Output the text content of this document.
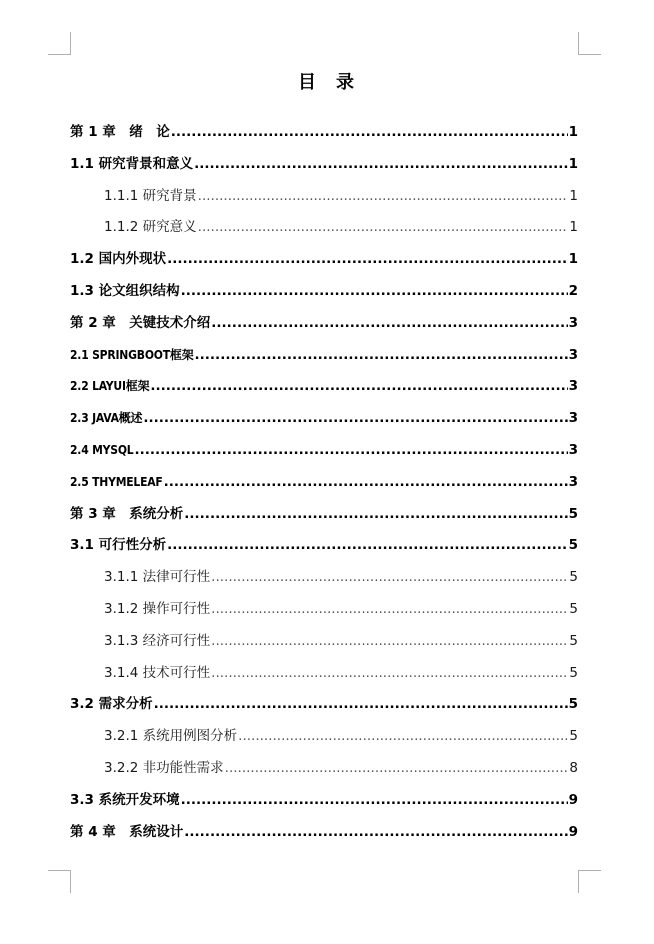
目 录
第 1 章　绪　论 .....	1
1.1 研究背景和意义 .....	1
1.1.1 研究背景 .....	1
1.1.2 研究意义 .....	1
1.2 国内外现状 .....	1
1.3 论文组织结构 .....	2
第 2 章　关键技术介绍 .....	3
2.1 SPRINGBOOT框架 .....	3
2.2 LAYUI框架 .....	3
2.3 JAVA概述 .....	3
2.4 MYSQL .....	3
2.5 THYMELEAF .....	3
第 3 章　系统分析 .....	5
3.1 可行性分析 .....	5
3.1.1 法律可行性 .....	5
3.1.2 操作可行性 .....	5
3.1.3 经济可行性 .....	5
3.1.4 技术可行性 .....	5
3.2 需求分析 .....	5
3.2.1 系统用例图分析 .....	5
3.2.2 非功能性需求 .....	8
3.3 系统开发环境 .....	9
第 4 章　系统设计 .....	9
